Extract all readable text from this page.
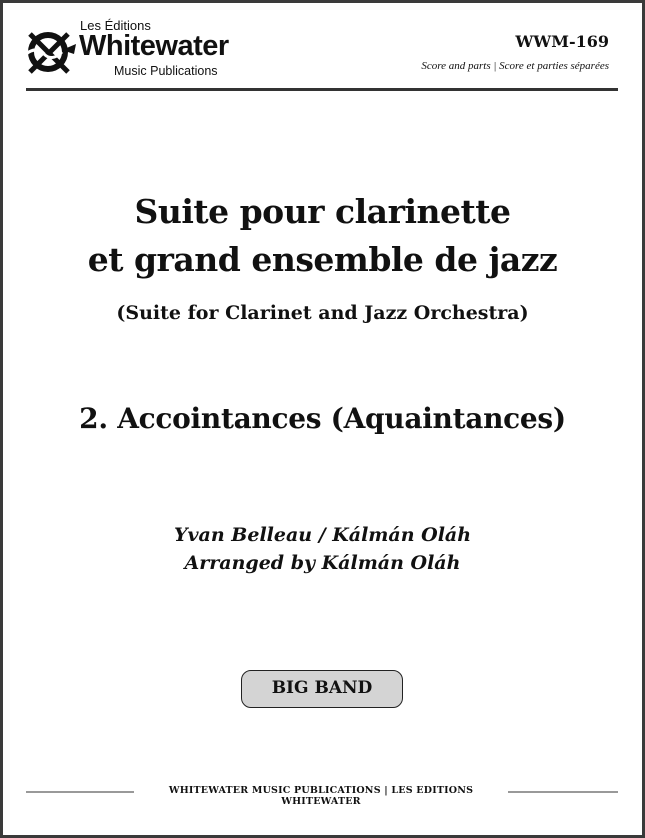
Les Éditions
Whitewater
Music Publications
WWM-169
Score and parts | Score et parties séparées
Suite pour clarinette
et grand ensemble de jazz
(Suite for Clarinet and Jazz Orchestra)
2. Accointances (Aquaintances)
Yvan Belleau / Kálmán Oláh
Arranged by Kálmán Oláh
BIG BAND
WHITEWATER MUSIC PUBLICATIONS | LES EDITIONS WHITEWATER
